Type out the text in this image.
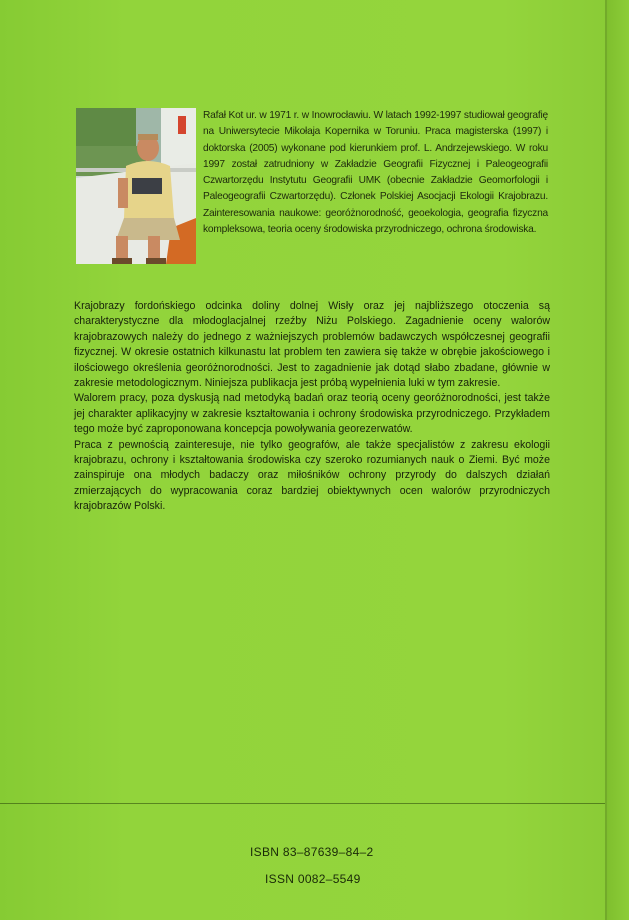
Rafał Kot ur. w 1971 r. w Inowrocławiu. W latach 1992-1997 studiował geografię na Uniwersytecie Mikołaja Kopernika w Toruniu. Praca magisterska (1997) i doktorska (2005) wykonane pod kierunkiem prof. L. Andrzejewskiego. W roku 1997 został zatrudniony w Zakładzie Geografii Fizycznej i Paleogeografii Czwartorzędu Instytutu Geografii UMK (obecnie Zakładzie Geomorfologii i Paleogeografii Czwartorzędu). Członek Polskiej Asocjacji Ekologii Krajobrazu. Zainteresowania naukowe: georóżnorodność, geoekologia, geografia fizyczna kompleksowa, teoria oceny środowiska przyrodniczego, ochrona środowiska.

Krajobrazy fordońskiego odcinka doliny dolnej Wisły oraz jej najbliższego otoczenia są charakterystyczne dla młodoglacjalnej rzeźby Niżu Polskiego. Zagadnienie oceny walorów krajobrazowych należy do jednego z ważniejszych problemów badawczych współczesnej geografii fizycznej. W okresie ostatnich kilkunastu lat problem ten zawiera się także w obrębie jakościowego i ilościowego określenia georóżnorodności. Jest to zagadnienie jak dotąd słabo zbadane, głównie w zakresie metodologicznym. Niniejsza publikacja jest próbą wypełnienia luki w tym zakresie.

Walorem pracy, poza dyskusją nad metodyką badań oraz teorią oceny georóżnorodności, jest także jej charakter aplikacyjny w zakresie kształtowania i ochrony środowiska przyrodniczego. Przykładem tego może być zaproponowana koncepcja powoływania georezerwatów.

Praca z pewnością zainteresuje, nie tylko geografów, ale także specjalistów z zakresu ekologii krajobrazu, ochrony i kształtowania środowiska czy szeroko rozumianych nauk o Ziemi. Być może zainspiruje ona młodych badaczy oraz miłośników ochrony przyrody do dalszych działań zmierzających do wypracowania coraz bardziej obiektywnych ocen walorów przyrodniczych krajobrazów Polski.

ISBN 83–87639–84–2
ISSN 0082–5549
